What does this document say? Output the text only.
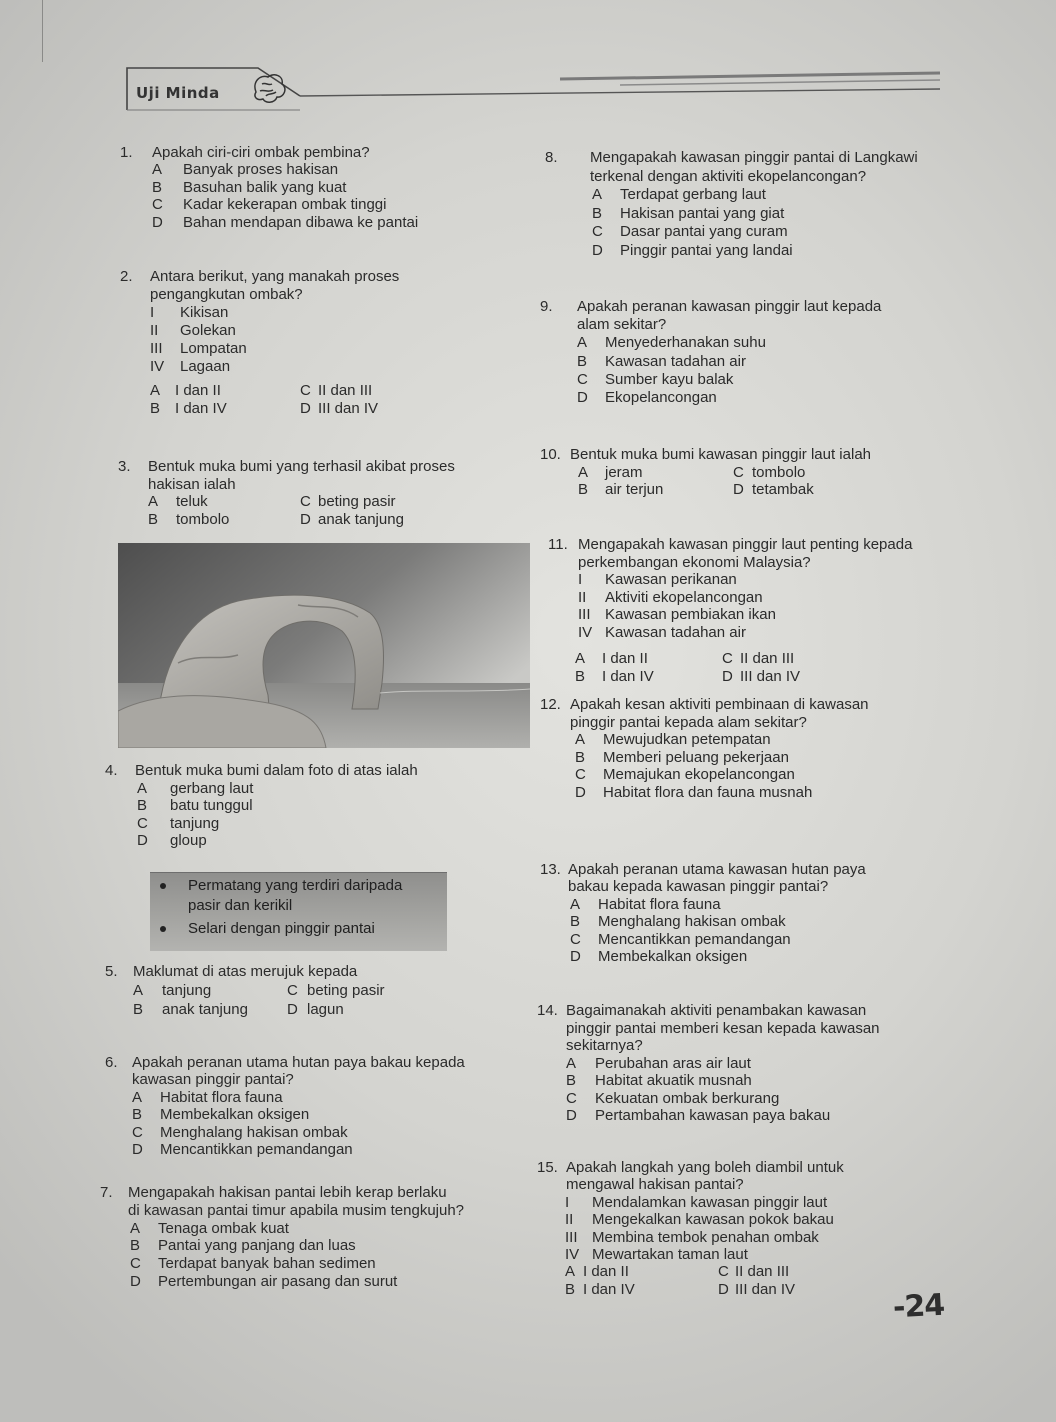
Uji Minda
1. Apakah ciri-ciri ombak pembina?
A Banyak proses hakisan
B Basuhan balik yang kuat
C Kadar kekerapan ombak tinggi
D Bahan mendapan dibawa ke pantai
2. Antara berikut, yang manakah proses
pengangkutan ombak?
I Kikisan
II Golekan
III Lompatan
IV Lagaan
A I dan II
B I dan IV
C II dan III
D III dan IV
3. Bentuk muka bumi yang terhasil akibat proses
hakisan ialah
A teluk
B tombolo
C beting pasir
D anak tanjung
4. Bentuk muka bumi dalam foto di atas ialah
A gerbang laut
B batu tunggul
C tanjung
D gloup
5. Maklumat di atas merujuk kepada
A tanjung
B anak tanjung
C beting pasir
D lagun
6. Apakah peranan utama hutan paya bakau kepada
kawasan pinggir pantai?
A Habitat flora fauna
B Membekalkan oksigen
C Menghalang hakisan ombak
D Mencantikkan pemandangan
7. Mengapakah hakisan pantai lebih kerap berlaku
di kawasan pantai timur apabila musim tengkujuh?
A Tenaga ombak kuat
B Pantai yang panjang dan luas
C Terdapat banyak bahan sedimen
D Pertembungan air pasang dan surut
8. Mengapakah kawasan pinggir pantai di Langkawi
terkenal dengan aktiviti ekopelancongan?
A Terdapat gerbang laut
B Hakisan pantai yang giat
C Dasar pantai yang curam
D Pinggir pantai yang landai
9. Apakah peranan kawasan pinggir laut kepada
alam sekitar?
A Menyederhanakan suhu
B Kawasan tadahan air
C Sumber kayu balak
D Ekopelancongan
10. Bentuk muka bumi kawasan pinggir laut ialah
A jeram
B air terjun
C tombolo
D tetambak
11. Mengapakah kawasan pinggir laut penting kepada
perkembangan ekonomi Malaysia?
I Kawasan perikanan
II Aktiviti ekopelancongan
III Kawasan pembiakan ikan
IV Kawasan tadahan air
A I dan II
B I dan IV
C II dan III
D III dan IV
12. Apakah kesan aktiviti pembinaan di kawasan
pinggir pantai kepada alam sekitar?
A Mewujudkan petempatan
B Memberi peluang pekerjaan
C Memajukan ekopelancongan
D Habitat flora dan fauna musnah
13. Apakah peranan utama kawasan hutan paya
bakau kepada kawasan pinggir pantai?
A Habitat flora fauna
B Menghalang hakisan ombak
C Mencantikkan pemandangan
D Membekalkan oksigen
14. Bagaimanakah aktiviti penambakan kawasan
pinggir pantai memberi kesan kepada kawasan
sekitarnya?
A Perubahan aras air laut
B Habitat akuatik musnah
C Kekuatan ombak berkurang
D Pertambahan kawasan paya bakau
15. Apakah langkah yang boleh diambil untuk
mengawal hakisan pantai?
I Mendalamkan kawasan pinggir laut
II Mengekalkan kawasan pokok bakau
III Membina tembok penahan ombak
IV Mewartakan taman laut
A I dan II
B I dan IV
C II dan III
D III dan IV
Permatang yang terdiri daripada
pasir dan kerikil
Selari dengan pinggir pantai
-24
